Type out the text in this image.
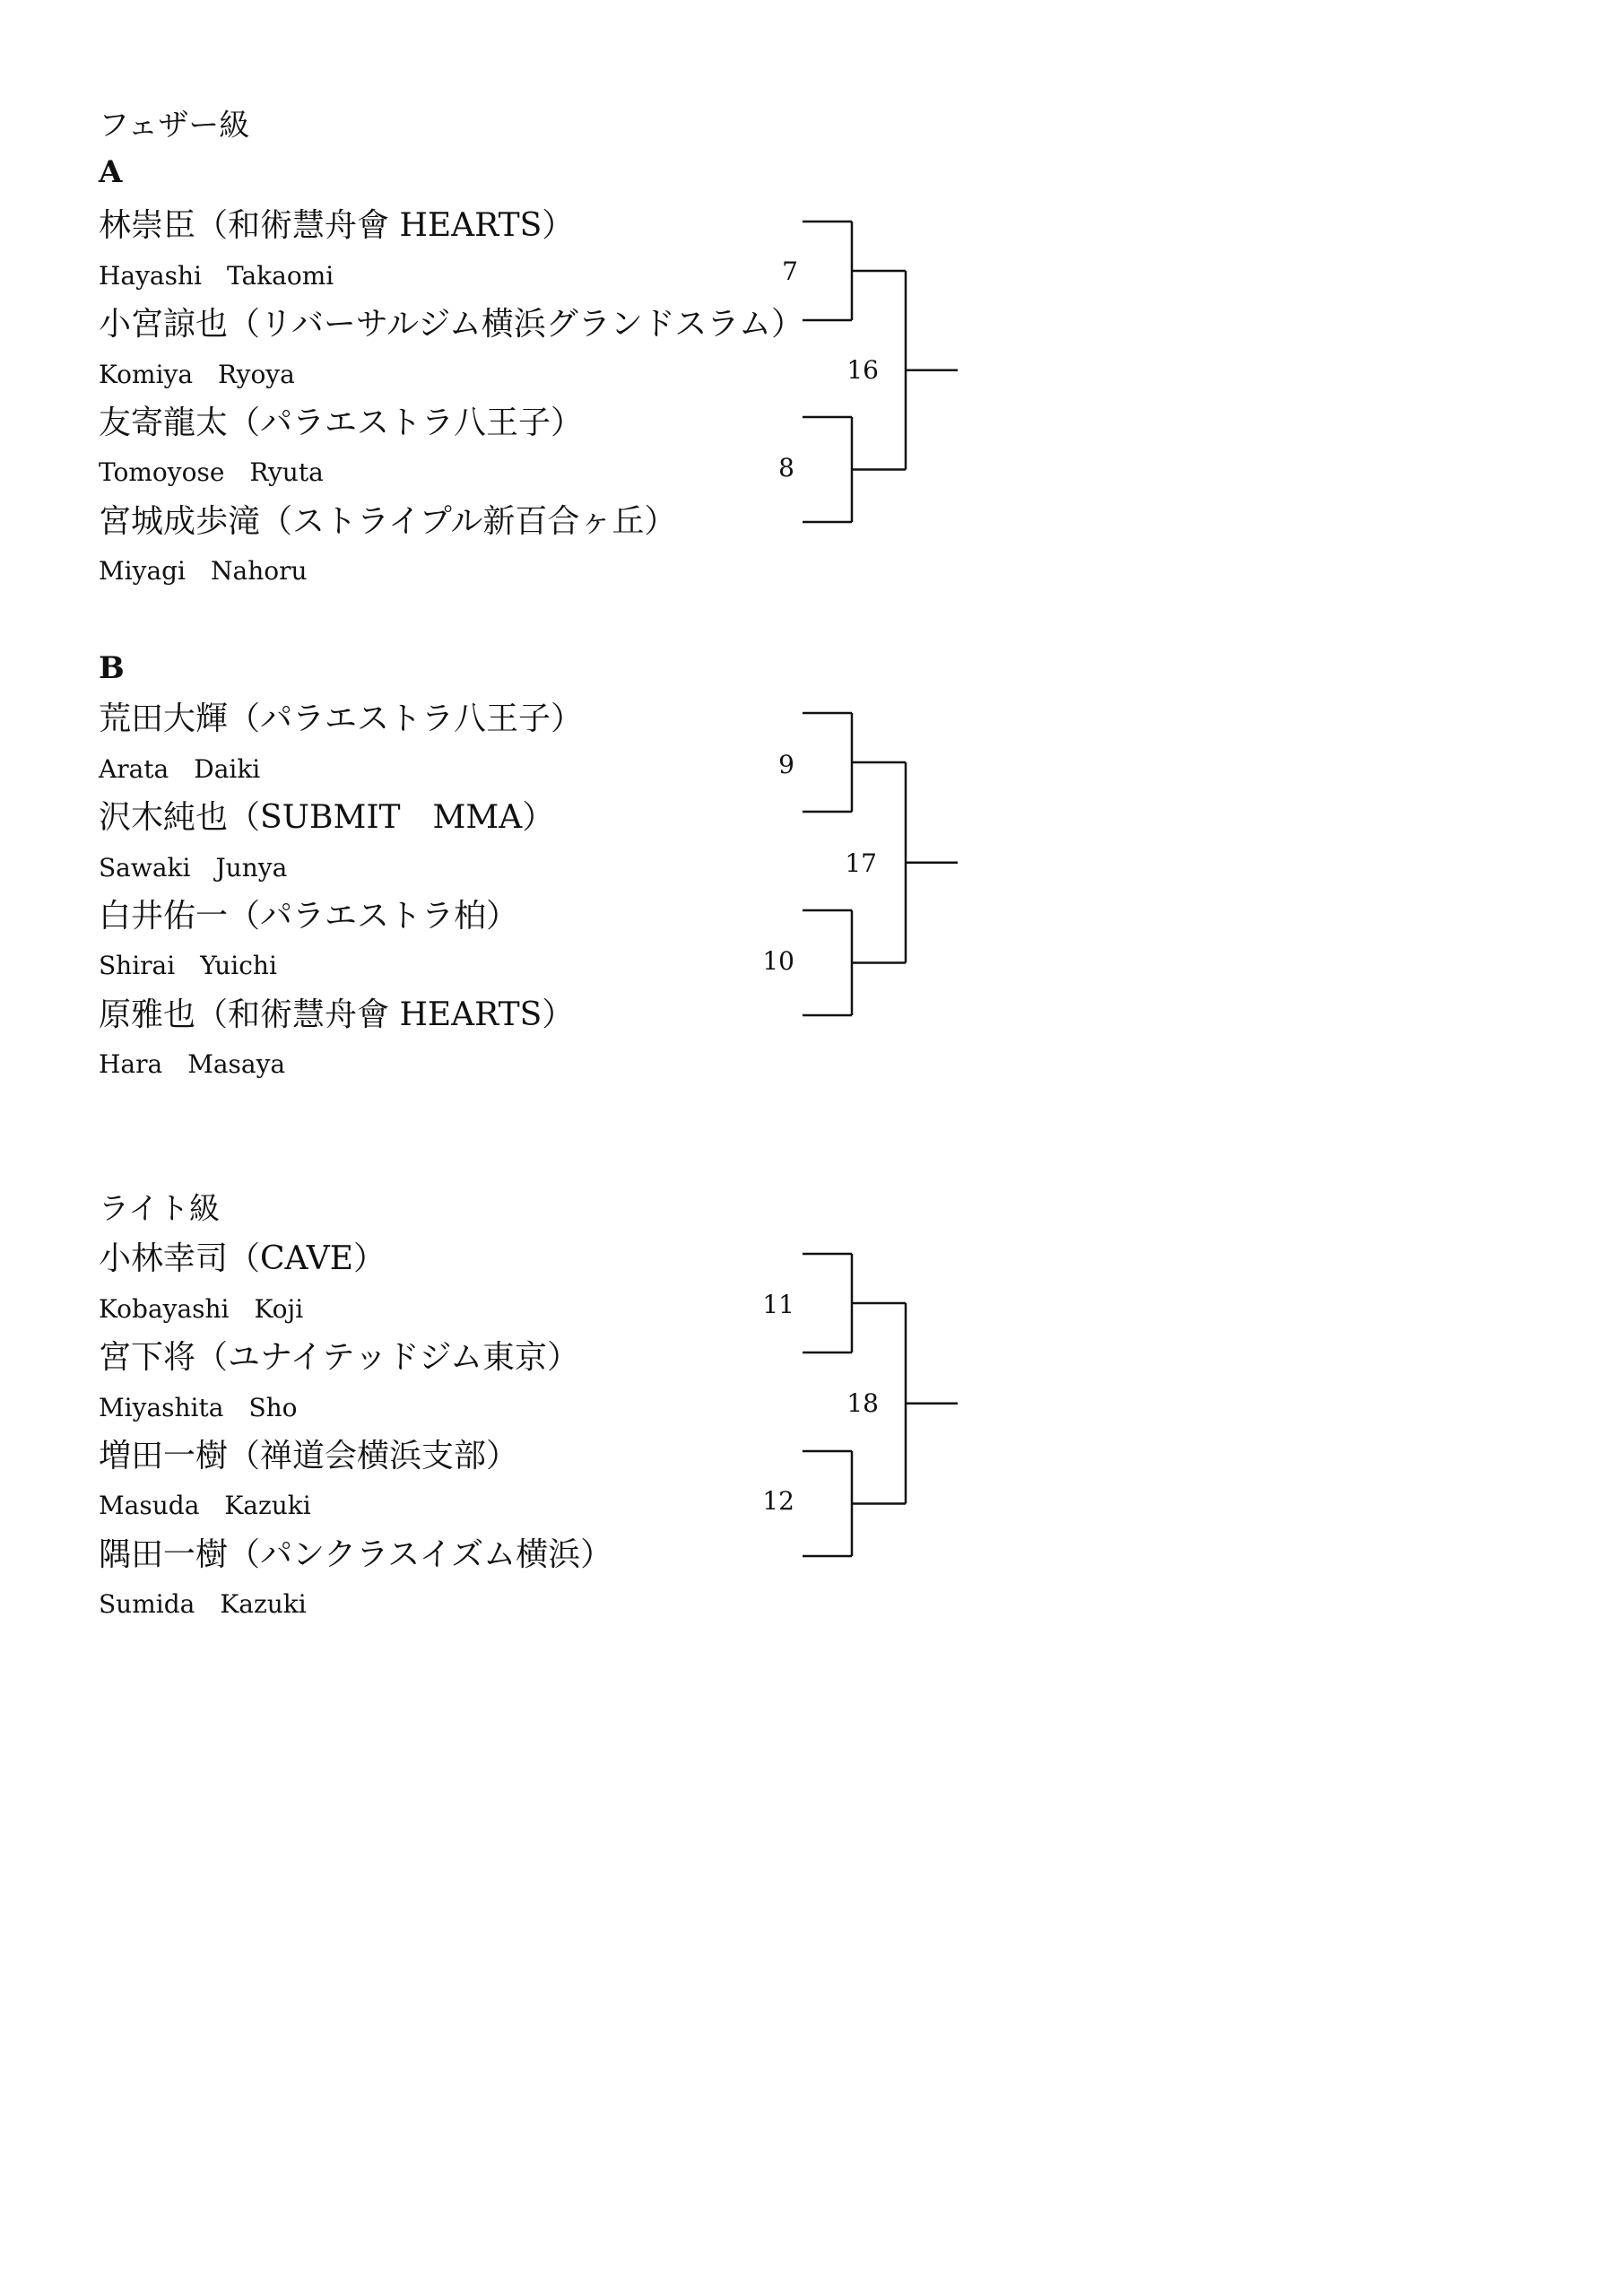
フェザー級
A
林崇臣（和術慧舟會 HEARTS）
Hayashi　Takaomi
小宮諒也（リバーサルジム横浜グランドスラム）
Komiya　Ryoya
友寄龍太（パラエストラ八王子）
Tomoyose　Ryuta
宮城成歩滝（ストライプル新百合ヶ丘）
Miyagi　Nahoru
7
8
16
B
荒田大輝（パラエストラ八王子）
Arata　Daiki
沢木純也（SUBMIT　MMA）
Sawaki　Junya
白井佑一（パラエストラ柏）
Shirai　Yuichi
原雅也（和術慧舟會 HEARTS）
Hara　Masaya
9
10
17
ライト級
小林幸司（CAVE）
Kobayashi　Koji
宮下将（ユナイテッドジム東京）
Miyashita　Sho
増田一樹（禅道会横浜支部）
Masuda　Kazuki
隅田一樹（パンクラスイズム横浜）
Sumida　Kazuki
11
12
18
